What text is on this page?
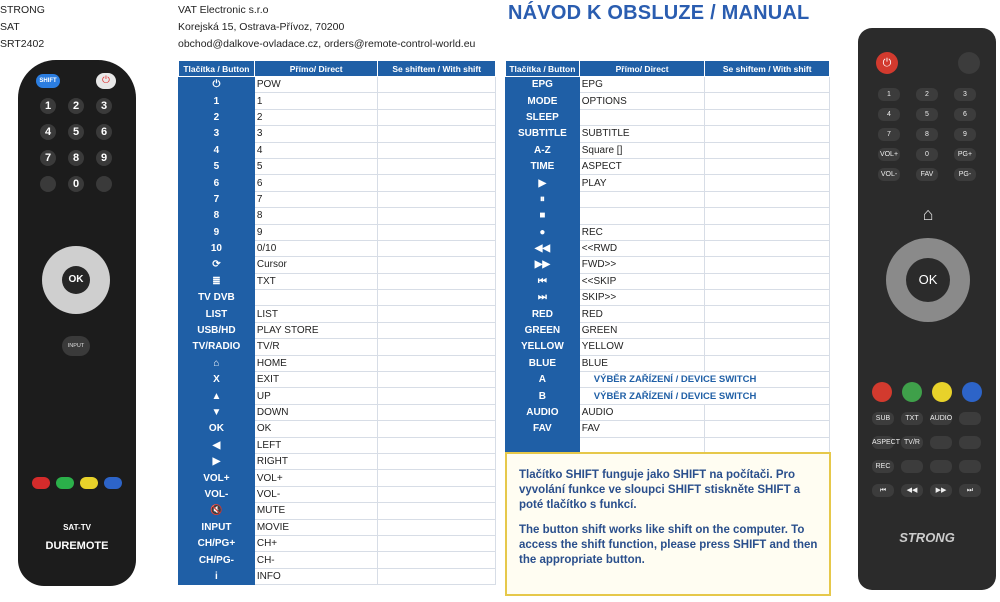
STRONG
SAT
SRT2402
VAT Electronic s.r.o
Korejská 15, Ostrava-Přívoz, 70200
obchod@dalkove-ovladace.cz, orders@remote-control-world.eu
NÁVOD K OBSLUZE / MANUAL
SHIFT	⏻
OK
INPUT
SAT-TV
DUREMOTE
1	2	3
4	5	6
7	8	9
0
Tlačítka / Button	Přímo/ Direct	Se shiftem / With shift
⏻	POW	
1	1	
2	2	
3	3	
4	4	
5	5	
6	6	
7	7	
8	8	
9	9	
10	0/10	
⟳	Cursor	
≣	TXT	
TV DVB		
LIST	LIST	
USB/HD	PLAY STORE	
TV/RADIO	TV/R	
⌂	HOME	
X	EXIT	
▲	UP	
▼	DOWN	
OK	OK	
◀	LEFT	
▶	RIGHT	
VOL+	VOL+	
VOL-	VOL-	
🔇	MUTE	
INPUT	MOVIE	
CH/PG+	CH+	
CH/PG-	CH-	
i	INFO	
Tlačítka / Button	Přímo/ Direct	Se shiftem / With shift
EPG	EPG	
MODE	OPTIONS	
SLEEP		
SUBTITLE	SUBTITLE	
A-Z	Square []	
TIME	ASPECT	
▶	PLAY	
⏸		
■		
●	REC	
◀◀	<<RWD	
▶▶	FWD>>	
⏮	<<SKIP	
⏭	SKIP>>	
RED	RED	
GREEN	GREEN	
YELLOW	YELLOW	
BLUE	BLUE	
A	VÝBĚR ZAŘÍZENÍ / DEVICE SWITCH	
B	VÝBĚR ZAŘÍZENÍ / DEVICE SWITCH	
AUDIO	AUDIO	
FAV	FAV	

Tlačítko SHIFT funguje jako SHIFT na počítači. Pro vyvolání funkce ve sloupci SHIFT stiskněte SHIFT a poté tlačítko s funkcí.

The button shift works like shift on the computer. To access the shift function, please press SHIFT and then the appropriate button.

⏻
⌂
OK
STRONG
1	2	3
4	5	6
7	8	9
VOL+	0	PG+
VOL-	FAV	PG-
SUB	TXT	AUDIO
ASPECT TV/R
REC
⏮	◀◀	▶▶	⏭
